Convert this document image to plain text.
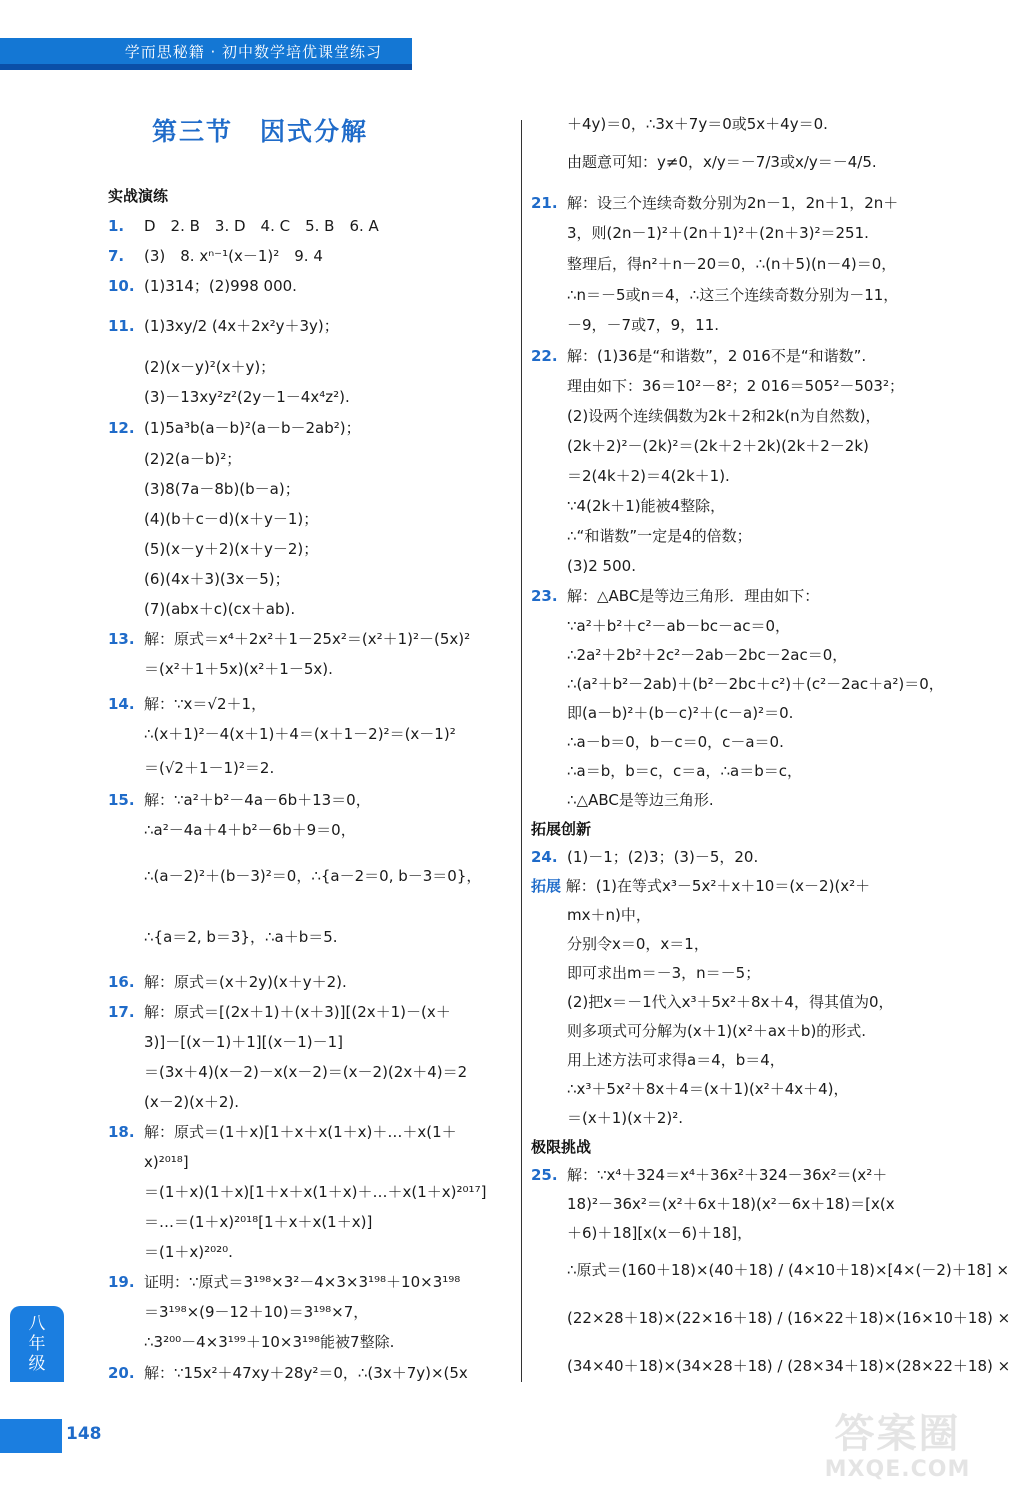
学而思秘籍 · 初中数学培优课堂练习
第三节　因式分解
实战演练
1. D　2. B　3. D　4. C　5. B　6. A
7. (3)　8. xⁿ⁻¹(x－1)²　9. 4
10. (1)314；(2)998 000.
11. (1)3xy/2 (4x＋2x²y＋3y)；
(2)(x－y)²(x＋y)；
(3)－13xy²z²(2y－1－4x⁴z²).
12. (1)5a³b(a－b)²(a－b－2ab²)；
(2)2(a－b)²；
(3)8(7a－8b)(b－a)；
(4)(b＋c－d)(x＋y－1)；
(5)(x－y＋2)(x＋y－2)；
(6)(4x＋3)(3x－5)；
(7)(abx＋c)(cx＋ab).
13. 解：原式＝x⁴＋2x²＋1－25x²＝(x²＋1)²－(5x)²
＝(x²＋1＋5x)(x²＋1－5x).
14. 解：∵x＝√2＋1，
∴(x＋1)²－4(x＋1)＋4＝(x＋1－2)²＝(x－1)²
＝(√2＋1－1)²＝2.
15. 解：∵a²＋b²－4a－6b＋13＝0，
∴a²－4a＋4＋b²－6b＋9＝0，
∴(a－2)²＋(b－3)²＝0，∴{a－2＝0, b－3＝0}，
∴{a＝2, b＝3}，∴a＋b＝5.
16. 解：原式＝(x＋2y)(x＋y＋2).
17. 解：原式＝[(2x＋1)＋(x＋3)][(2x＋1)－(x＋
3)]－[(x－1)＋1][(x－1)－1]
＝(3x＋4)(x－2)－x(x－2)＝(x－2)(2x＋4)＝2
(x－2)(x＋2).
18. 解：原式＝(1＋x)[1＋x＋x(1＋x)＋…＋x(1＋
x)²⁰¹⁸]
＝(1＋x)(1＋x)[1＋x＋x(1＋x)＋…＋x(1＋x)²⁰¹⁷]
＝…＝(1＋x)²⁰¹⁸[1＋x＋x(1＋x)]
＝(1＋x)²⁰²⁰.
19. 证明：∵原式＝3¹⁹⁸×3²－4×3×3¹⁹⁸＋10×3¹⁹⁸
＝3¹⁹⁸×(9－12＋10)＝3¹⁹⁸×7，
∴3²⁰⁰－4×3¹⁹⁹＋10×3¹⁹⁸能被7整除.
20. 解：∵15x²＋47xy＋28y²＝0，∴(3x＋7y)×(5x
＋4y)＝0，∴3x＋7y＝0或5x＋4y＝0.
由题意可知：y≠0，x/y＝－7/3或x/y＝－4/5.
21. 解：设三个连续奇数分别为2n－1，2n＋1，2n＋
3，则(2n－1)²＋(2n＋1)²＋(2n＋3)²＝251.
整理后，得n²＋n－20＝0，∴(n＋5)(n－4)＝0，
∴n＝－5或n＝4，∴这三个连续奇数分别为－11，
－9，－7或7，9，11.
22. 解：(1)36是“和谐数”，2 016不是“和谐数”.
理由如下：36＝10²－8²；2 016＝505²－503²；
(2)设两个连续偶数为2k＋2和2k(n为自然数)，
(2k＋2)²－(2k)²＝(2k＋2＋2k)(2k＋2－2k)
＝2(4k＋2)＝4(2k＋1).
∵4(2k＋1)能被4整除，
∴“和谐数”一定是4的倍数；
(3)2 500.
23. 解：△ABC是等边三角形．理由如下：
∵a²＋b²＋c²－ab－bc－ac＝0，
∴2a²＋2b²＋2c²－2ab－2bc－2ac＝0，
∴(a²＋b²－2ab)＋(b²－2bc＋c²)＋(c²－2ac＋a²)＝0，
即(a－b)²＋(b－c)²＋(c－a)²＝0.
∴a－b＝0，b－c＝0，c－a＝0.
∴a＝b，b＝c，c＝a，∴a＝b＝c，
∴△ABC是等边三角形.
拓展创新
24. (1)－1；(2)3；(3)－5，20.
拓展 解：(1)在等式x³－5x²＋x＋10＝(x－2)(x²＋
mx＋n)中，
分别令x＝0，x＝1，
即可求出m＝－3，n＝－5；
(2)把x＝－1代入x³＋5x²＋8x＋4，得其值为0，
则多项式可分解为(x＋1)(x²＋ax＋b)的形式.
用上述方法可求得a＝4，b＝4，
∴x³＋5x²＋8x＋4＝(x＋1)(x²＋4x＋4)，
＝(x＋1)(x＋2)².
极限挑战
25. 解：∵x⁴＋324＝x⁴＋36x²＋324－36x²＝(x²＋
18)²－36x²＝(x²＋6x＋18)(x²－6x＋18)＝[x(x
＋6)＋18][x(x－6)＋18]，
∴原式＝(160＋18)×(40＋18) / (4×10＋18)×[4×(－2)＋18] ×
(22×28＋18)×(22×16＋18) / (16×22＋18)×(16×10＋18) ×
(34×40＋18)×(34×28＋18) / (28×34＋18)×(28×22＋18) ×
八年级
148	答案圈
MXQE.COM
